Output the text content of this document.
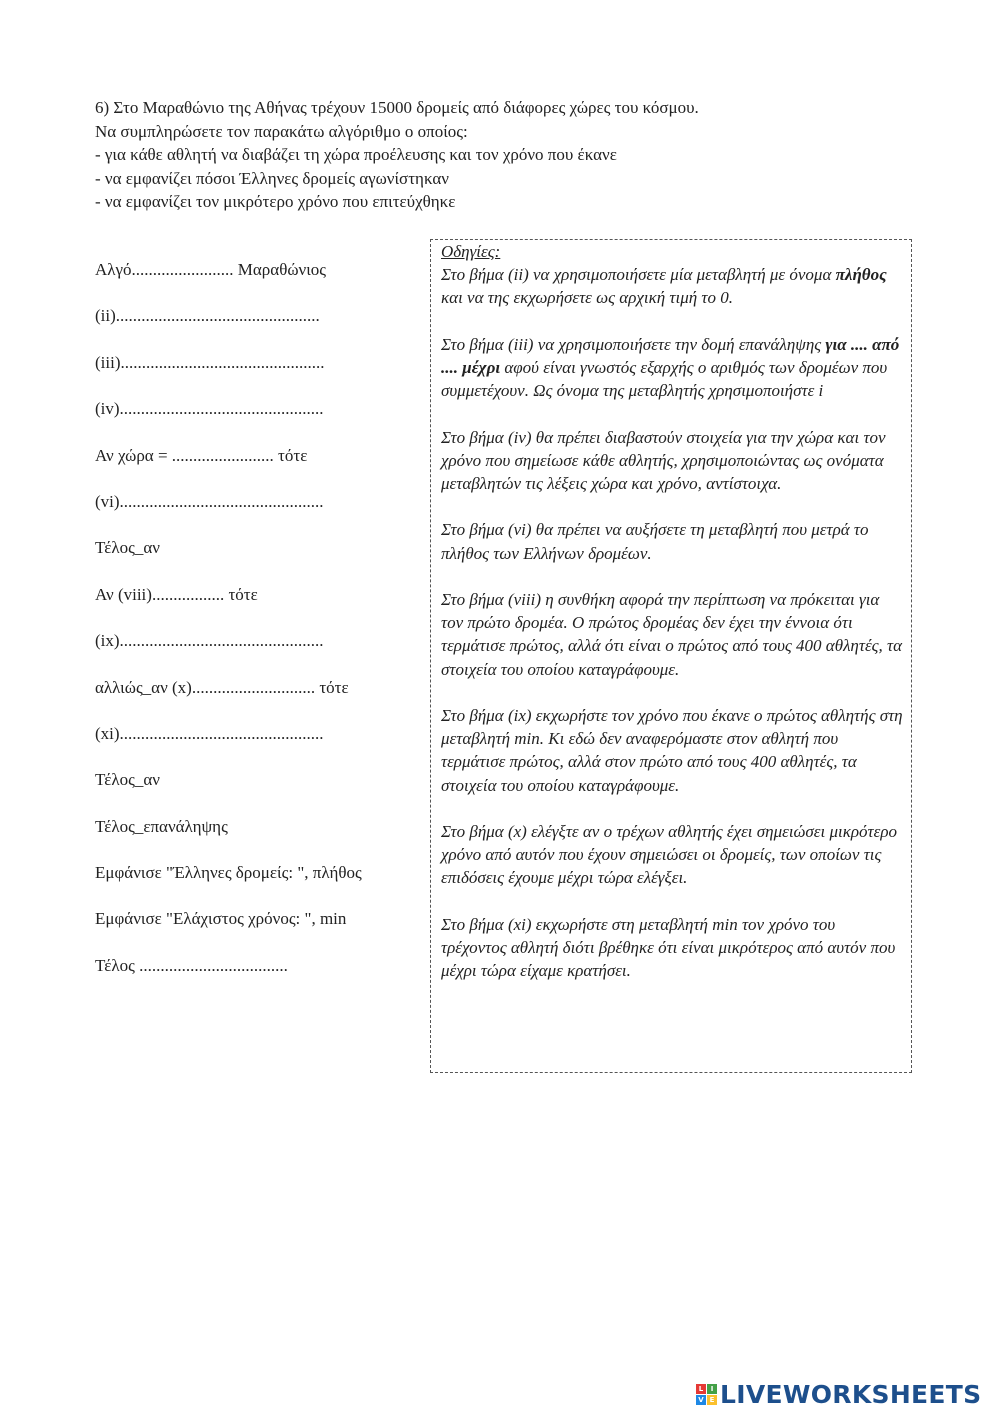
6) Στο Μαραθώνιο της Αθήνας τρέχουν 15000 δρομείς από διάφορες χώρες του κόσμου.
Να συμπληρώσετε τον παρακάτω αλγόριθμο ο οποίος:
- για κάθε αθλητή να διαβάζει τη χώρα προέλευσης και τον χρόνο που έκανε
- να εμφανίζει πόσοι Έλληνες δρομείς αγωνίστηκαν
- να εμφανίζει τον μικρότερο χρόνο που επιτεύχθηκε
Αλγό........................ Μαραθώνιος
(ii)................................................
(iii)................................................
(iv)................................................
Αν χώρα = ........................ τότε
(vi)................................................
Τέλος_αν
Αν (viii)................. τότε
(ix)................................................
αλλιώς_αν (x)............................. τότε
(xi)................................................
Τέλος_αν
Τέλος_επανάληψης
Εμφάνισε "Έλληνες δρομείς: ", πλήθος
Εμφάνισε "Ελάχιστος χρόνος: ", min
Τέλος ...................................

Οδηγίες:

Στο βήμα (ii) να χρησιμοποιήσετε μία μεταβλητή με όνομα πλήθος και να της εκχωρήσετε ως αρχική τιμή το 0.

Στο βήμα (iii) να χρησιμοποιήσετε την δομή επανάληψης για .... από .... μέχρι αφού είναι γνωστός εξαρχής ο αριθμός των δρομέων που συμμετέχουν. Ως όνομα της μεταβλητής χρησιμοποιήστε i

Στο βήμα (iv) θα πρέπει διαβαστούν στοιχεία για την χώρα και τον χρόνο που σημείωσε κάθε αθλητής, χρησιμοποιώντας ως ονόματα μεταβλητών τις λέξεις χώρα και χρόνο, αντίστοιχα.

Στο βήμα (vi) θα πρέπει να αυξήσετε τη μεταβλητή που μετρά το πλήθος των Ελλήνων δρομέων.

Στο βήμα (viii) η συνθήκη αφορά την περίπτωση να πρόκειται για τον πρώτο δρομέα. Ο πρώτος δρομέας δεν έχει την έννοια ότι τερμάτισε πρώτος, αλλά ότι είναι ο πρώτος από τους 400 αθλητές, τα στοιχεία του οποίου καταγράφουμε.

Στο βήμα (ix) εκχωρήστε τον χρόνο που έκανε ο πρώτος αθλητής στη μεταβλητή min. Κι εδώ δεν αναφερόμαστε στον αθλητή που τερμάτισε πρώτος, αλλά στον πρώτο από τους 400 αθλητές, τα στοιχεία του οποίου καταγράφουμε.

Στο βήμα (x) ελέγξτε αν ο τρέχων αθλητής έχει σημειώσει μικρότερο χρόνο από αυτόν που έχουν σημειώσει οι δρομείς, των οποίων τις επιδόσεις έχουμε μέχρι τώρα ελέγξει.

Στο βήμα (xi) εκχωρήστε στη μεταβλητή min τον χρόνο του τρέχοντος αθλητή διότι βρέθηκε ότι είναι μικρότερος από αυτόν που μέχρι τώρα είχαμε κρατήσει.

L	I
V E LIVEWORKSHEETS
